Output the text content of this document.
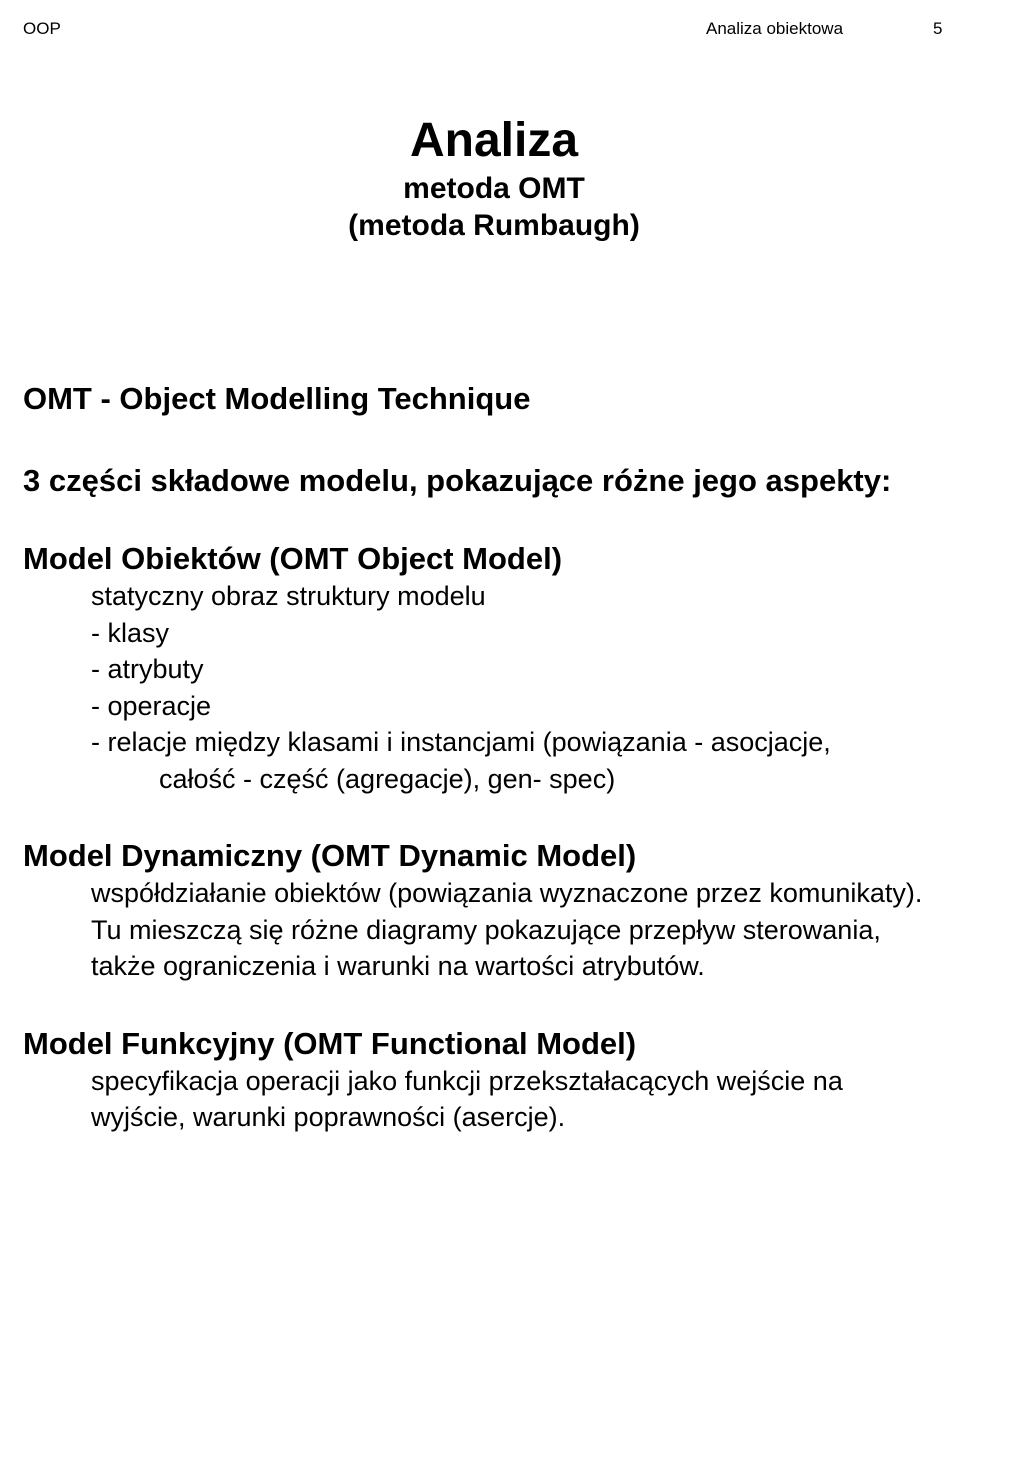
OOP	Analiza obiektowa	5
Analiza
metoda OMT
(metoda Rumbaugh)
OMT - Object Modelling Technique
3 części składowe modelu, pokazujące różne jego aspekty:
Model Obiektów (OMT Object Model)
statyczny obraz struktury modelu
- klasy
- atrybuty
- operacje
- relacje między klasami i instancjami (powiązania - asocjacje,
całość - część (agregacje), gen- spec)
Model Dynamiczny (OMT Dynamic Model)
współdziałanie obiektów (powiązania wyznaczone przez komunikaty).
Tu mieszczą się różne diagramy pokazujące przepływ sterowania,
także ograniczenia i warunki na wartości atrybutów.
Model Funkcyjny (OMT Functional Model)
specyfikacja operacji jako funkcji przekształacących wejście na
wyjście, warunki poprawności (asercje).
